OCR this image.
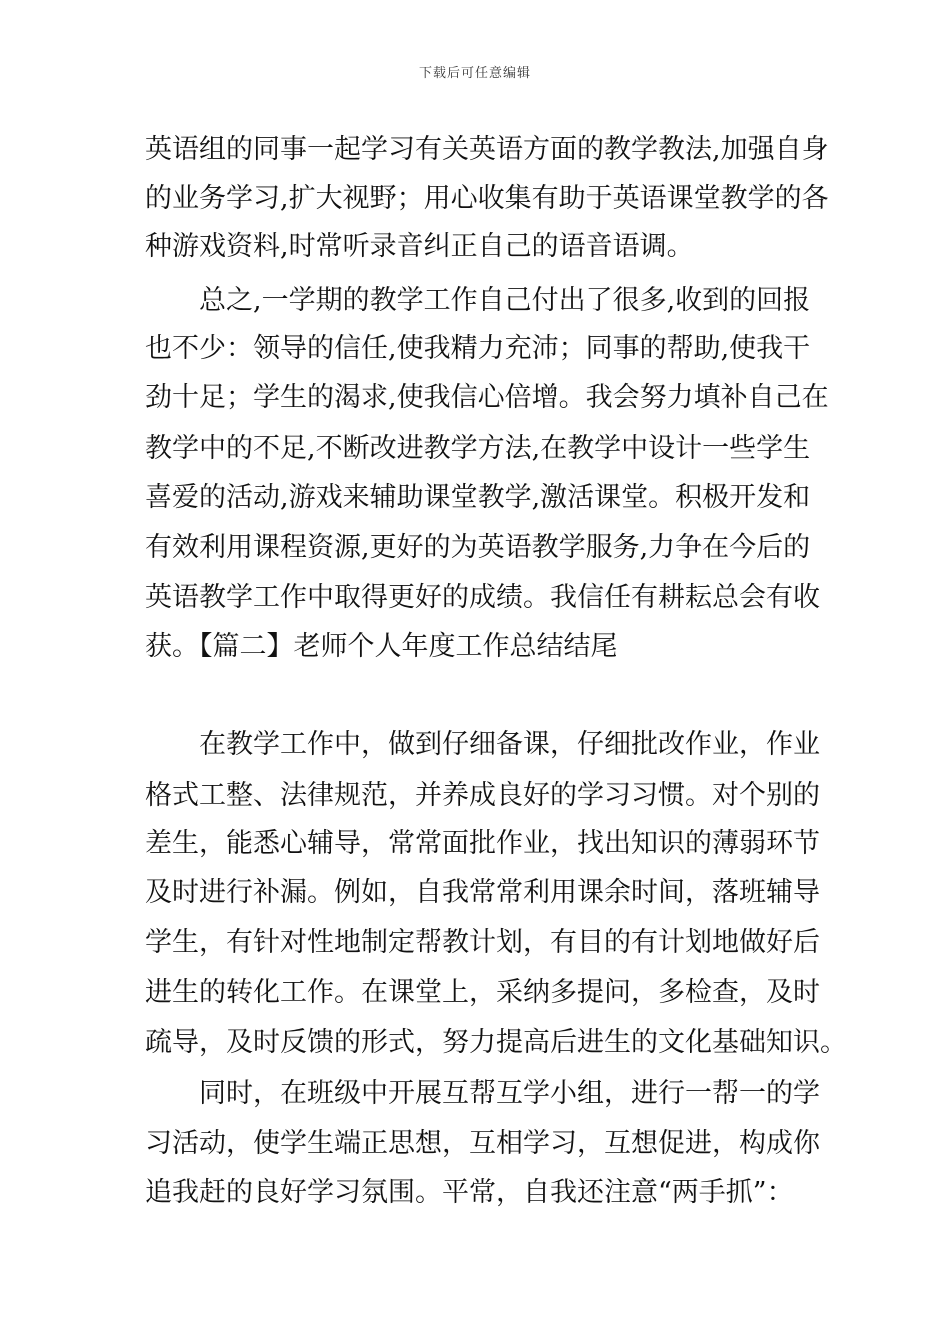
下载后可任意编辑
英语组的同事一起学习有关英语方面的教学教法,加强自身
的业务学习,扩大视野；用心收集有助于英语课堂教学的各
种游戏资料,时常听录音纠正自己的语音语调。
　　总之,一学期的教学工作自己付出了很多,收到的回报
也不少：领导的信任,使我精力充沛；同事的帮助,使我干
劲十足；学生的渴求,使我信心倍增。我会努力填补自己在
教学中的不足,不断改进教学方法,在教学中设计一些学生
喜爱的活动,游戏来辅助课堂教学,激活课堂。积极开发和
有效利用课程资源,更好的为英语教学服务,力争在今后的
英语教学工作中取得更好的成绩。我信任有耕耘总会有收
获。【篇二】老师个人年度工作总结结尾
　　在教学工作中，做到仔细备课，仔细批改作业，作业
格式工整、法律规范，并养成良好的学习习惯。对个别的
差生，能悉心辅导，常常面批作业，找出知识的薄弱环节
及时进行补漏。例如，自我常常利用课余时间，落班辅导
学生，有针对性地制定帮教计划，有目的有计划地做好后
进生的转化工作。在课堂上，采纳多提问，多检查，及时
疏导，及时反馈的形式，努力提高后进生的文化基础知识。
　　同时，在班级中开展互帮互学小组，进行一帮一的学
习活动，使学生端正思想，互相学习，互想促进，构成你
追我赶的良好学习氛围。平常，自我还注意“两手抓”：
